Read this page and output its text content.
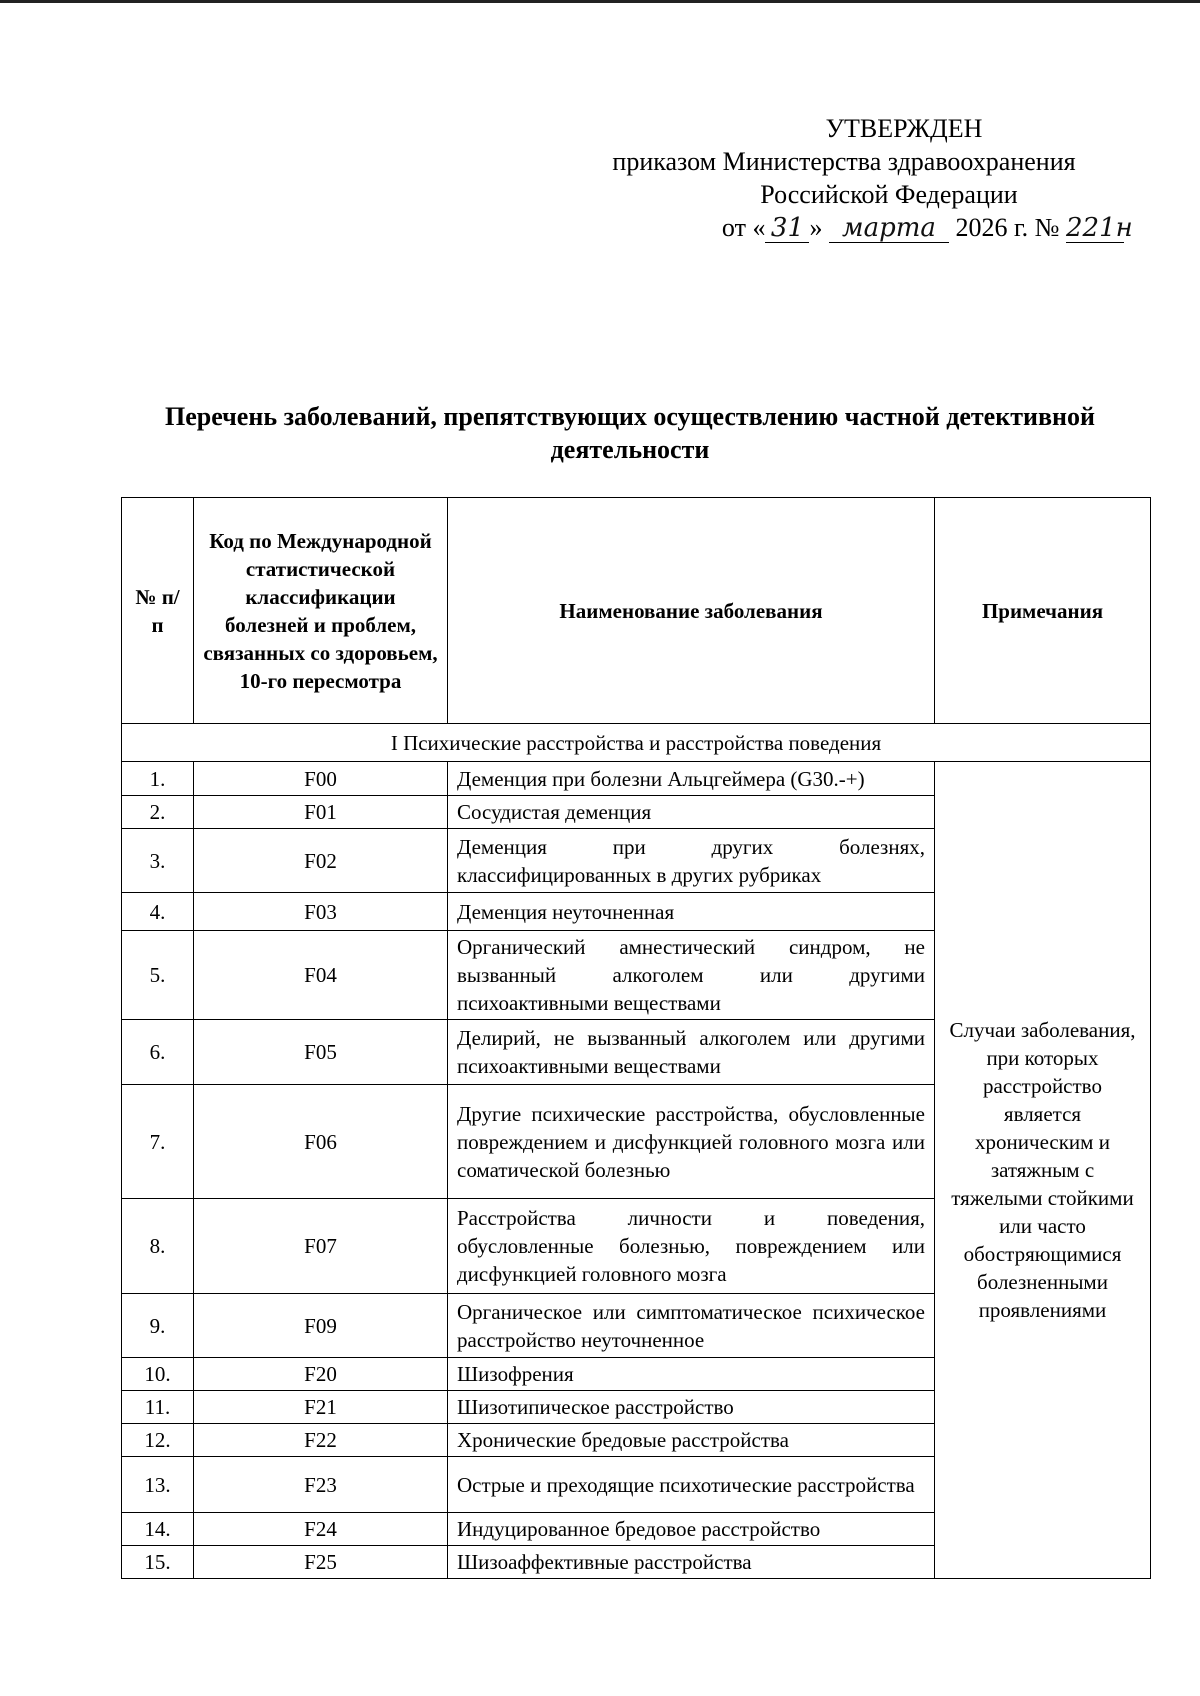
УТВЕРЖДЕН
приказом Министерства здравоохранения
Российской Федерации
от « 31 » марта 2026 г. № 221н
Перечень заболеваний, препятствующих осуществлению частной детективной деятельности
№ п/п	Код по Международной статистической классификации болезней и проблем, связанных со здоровьем, 10-го пересмотра	Наименование заболевания	Примечания
I Психические расстройства и расстройства поведения			
1.	F00	Деменция при болезни Альцгеймера (G30.-+)	Случаи заболевания, при которых расстройство является хроническим и затяжным с тяжелыми стойкими или часто обостряющимися болезненными проявлениями
2.	F01	Сосудистая деменция	
3.	F02	Деменция при других болезнях, классифицированных в других рубриках	
4.	F03	Деменция неуточненная	
5.	F04	Органический амнестический синдром, не вызванный алкоголем или другими психоактивными веществами	
6.	F05	Делирий, не вызванный алкоголем или другими психоактивными веществами	
7.	F06	Другие психические расстройства, обусловленные повреждением и дисфункцией головного мозга или соматической болезнью	
8.	F07	Расстройства личности и поведения, обусловленные болезнью, повреждением или дисфункцией головного мозга	
9.	F09	Органическое или симптоматическое психическое расстройство неуточненное	
10.	F20	Шизофрения	
11.	F21	Шизотипическое расстройство	
12.	F22	Хронические бредовые расстройства	
13.	F23	Острые и преходящие психотические расстройства	
14.	F24	Индуцированное бредовое расстройство	
15.	F25	Шизоаффективные расстройства	
